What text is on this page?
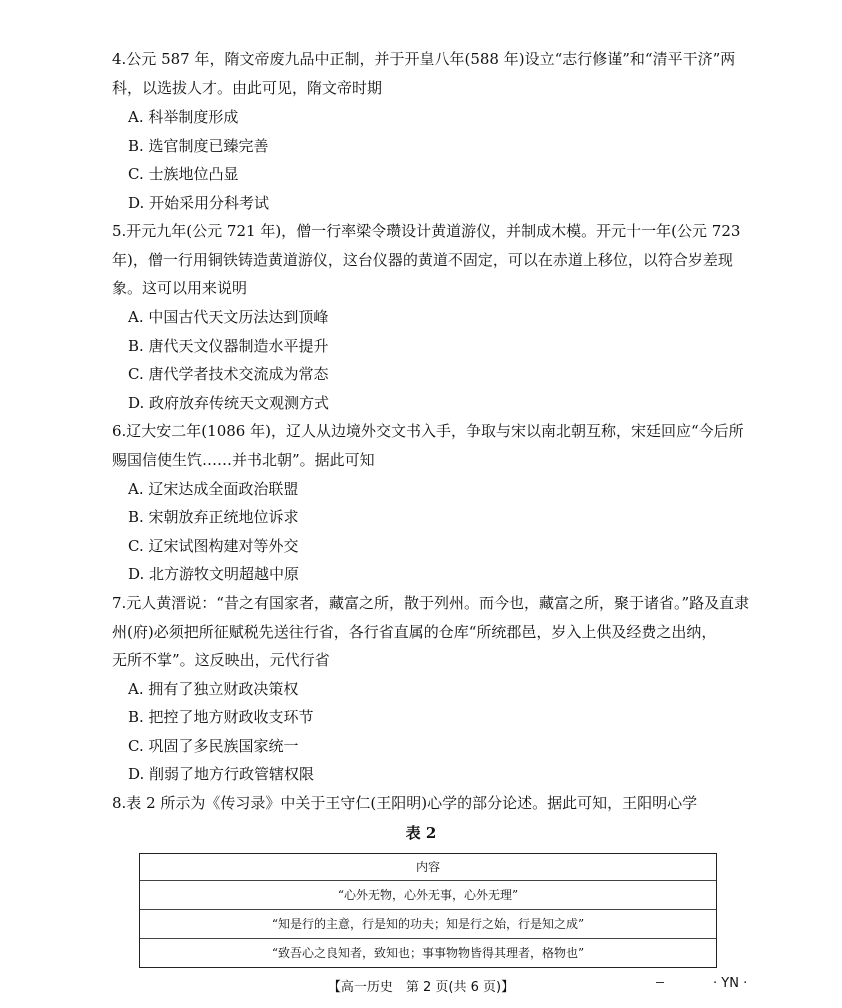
4.公元 587 年，隋文帝废九品中正制，并于开皇八年(588 年)设立“志行修谨”和“清平干济”两
科，以选拔人才。由此可见，隋文帝时期
A. 科举制度形成
B. 选官制度已臻完善
C. 士族地位凸显
D. 开始采用分科考试
5.开元九年(公元 721 年)，僧一行率梁令瓒设计黄道游仪，并制成木模。开元十一年(公元 723
年)，僧一行用铜铁铸造黄道游仪，这台仪器的黄道不固定，可以在赤道上移位，以符合岁差现
象。这可以用来说明
A. 中国古代天文历法达到顶峰
B. 唐代天文仪器制造水平提升
C. 唐代学者技术交流成为常态
D. 政府放弃传统天文观测方式
6.辽大安二年(1086 年)，辽人从边境外交文书入手，争取与宋以南北朝互称，宋廷回应“今后所
赐国信使生饩……并书北朝”。据此可知
A. 辽宋达成全面政治联盟
B. 宋朝放弃正统地位诉求
C. 辽宋试图构建对等外交
D. 北方游牧文明超越中原
7.元人黄溍说：“昔之有国家者，藏富之所，散于列州。而今也，藏富之所，聚于诸省。”路及直隶
州(府)必须把所征赋税先送往行省，各行省直属的仓库“所统郡邑，岁入上供及经费之出纳，
无所不掌”。这反映出，元代行省
A. 拥有了独立财政决策权
B. 把控了地方财政收支环节
C. 巩固了多民族国家统一
D. 削弱了地方行政管辖权限
8.表 2 所示为《传习录》中关于王守仁(王阳明)心学的部分论述。据此可知，王阳明心学
表 2
内容
“心外无物，心外无事，心外无理”
“知是行的主意，行是知的功夫；知是行之始，行是知之成”
“致吾心之良知者，致知也；事事物物皆得其理者，格物也”
【高一历史　第 2 页(共 6 页)】	· YN ·
